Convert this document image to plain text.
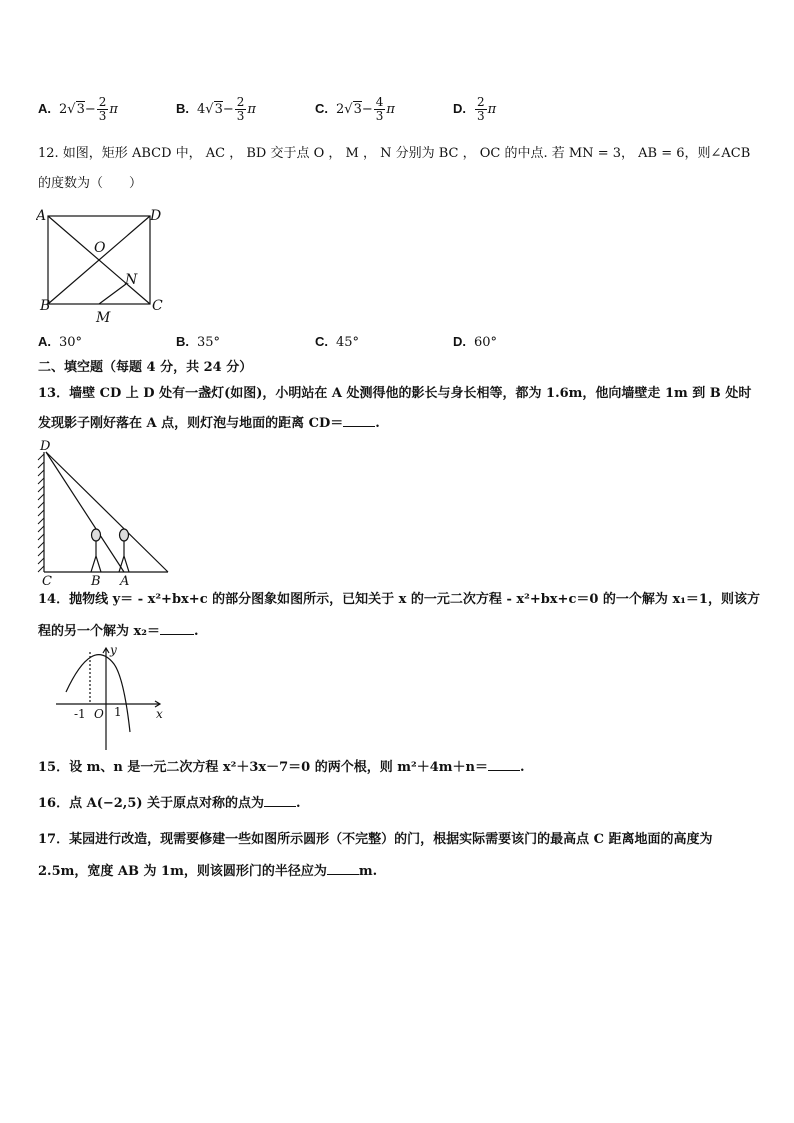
A. $2√3- \frac{2}{3}$ π	B. $4√3- \frac{2}{3}$ π	C. $2√3- \frac{4}{3}$ π	D. $\frac{2}{3}$ π
12. 如图，矩形 ABCD 中， AC ， BD 交于点 O ， M ， N 分别为 BC ， OC 的中点. 若 MN = 3， AB = 6，则∠ACB
的度数为（　　）
A	D
O
N
B	C
M
A. 30°	B. 35°	C. 45°	D. 60°
二、填空题（每题 4 分，共 24 分）
13．墙壁 CD 上 D 处有一盏灯(如图)，小明站在 A 处测得他的影长与身长相等，都为 1.6m，他向墙壁走 1m 到 B 处时
发现影子刚好落在 A 点，则灯泡与地面的距离 CD＝ .
D
C	B A
14．抛物线 y＝ - x²+bx+c 的部分图象如图所示，已知关于 x 的一元二次方程 - x²+bx+c＝0 的一个解为 x₁＝1，则该方
程的另一个解为 x₂＝	.
y
x
-1 O 1
15．设 m、n 是一元二次方程 x²＋3x－7＝0 的两个根，则 m²＋4m＋n＝ .
16．点 A(−2,5) 关于原点对称的点为 .
17．某园进行改造，现需要修建一些如图所示圆形（不完整）的门，根据实际需要该门的最高点 C 距离地面的高度为
2.5m，宽度 AB 为 1m，则该圆形门的半径应为 m.
